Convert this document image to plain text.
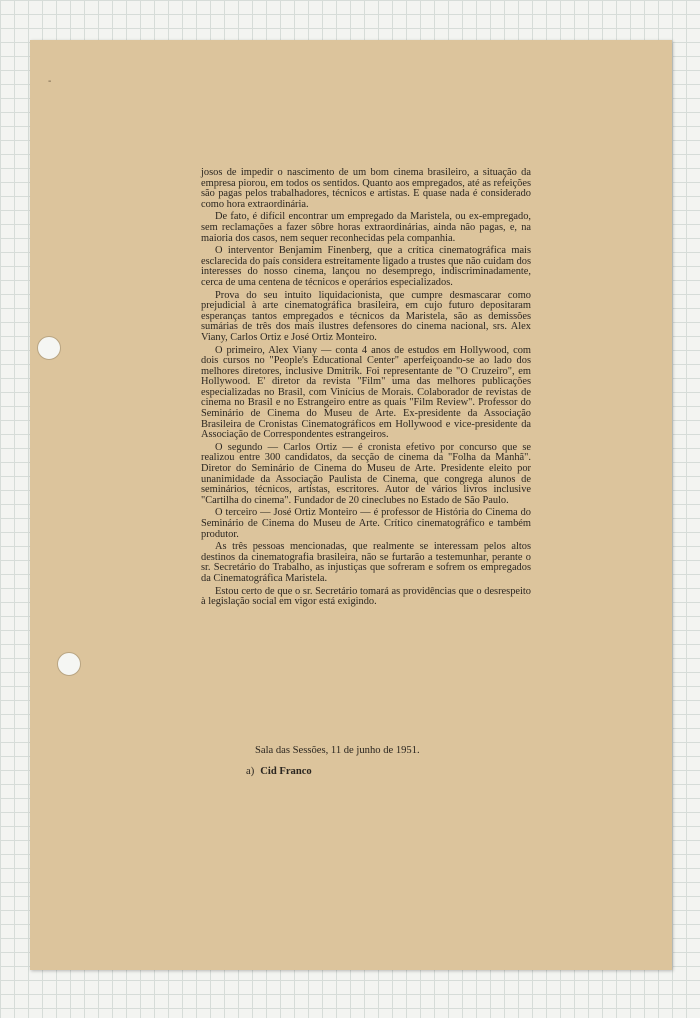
-

josos de impedir o nascimento de um bom cinema brasileiro, a situação da empresa piorou, em todos os sentidos. Quanto aos empregados, até as refeições são pagas pelos trabalhadores, técnicos e artistas. E quase nada é considerado como hora extraordinária.

De fato, é difícil encontrar um empregado da Maristela, ou ex-empregado, sem reclamações a fazer sôbre horas extraordinárias, ainda não pagas, e, na maioria dos casos, nem sequer reconhecidas pela companhia.

O interventor Benjamim Finenberg, que a crítica cinematográfica mais esclarecida do país considera estreitamente ligado a trustes que não cuidam dos interesses do nosso cinema, lançou no desemprego, indiscriminadamente, cerca de uma centena de técnicos e operários especializados.

Prova do seu intuito liquidacionista, que cumpre desmascarar como prejudicial à arte cinematográfica brasileira, em cujo futuro depositaram esperanças tantos empregados e técnicos da Maristela, são as demissões sumárias de três dos mais ilustres defensores do cinema nacional, srs. Alex Viany, Carlos Ortiz e José Ortiz Monteiro.

O primeiro, Alex Viany — conta 4 anos de estudos em Hollywood, com dois cursos no "People's Educational Center" aperfeiçoando-se ao lado dos melhores diretores, inclusive Dmitrik. Foi representante de "O Cruzeiro", em Hollywood. E' diretor da revista "Film" uma das melhores publicações especializadas no Brasil, com Vinícius de Morais. Colaborador de revistas de cinema no Brasil e no Estrangeiro entre as quais "Film Review". Professor do Seminário de Cinema do Museu de Arte. Ex-presidente da Associação Brasileira de Cronistas Cinematográficos em Hollywood e vice-presidente da Associação de Correspondentes estrangeiros.

O segundo — Carlos Ortiz — é cronista efetivo por concurso que se realizou entre 300 candidatos, da secção de cinema da "Folha da Manhã". Diretor do Seminário de Cinema do Museu de Arte. Presidente eleito por unanimidade da Associação Paulista de Cinema, que congrega alunos de seminários, técnicos, artistas, escritores. Autor de vários livros inclusive "Cartilha do cinema". Fundador de 20 cineclubes no Estado de São Paulo.

O terceiro — José Ortiz Monteiro — é professor de História do Cinema do Seminário de Cinema do Museu de Arte. Crítico cinematográfico e também produtor.

As três pessoas mencionadas, que realmente se interessam pelos altos destinos da cinematografia brasileira, não se furtarão a testemunhar, perante o sr. Secretário do Trabalho, as injustiças que sofreram e sofrem os empregados da Cinematográfica Maristela.

Estou certo de que o sr. Secretário tomará as providências que o desrespeito à legislação social em vigor está exigindo.

Sala das Sessões, 11 de junho de 1951.
a) Cid Franco
